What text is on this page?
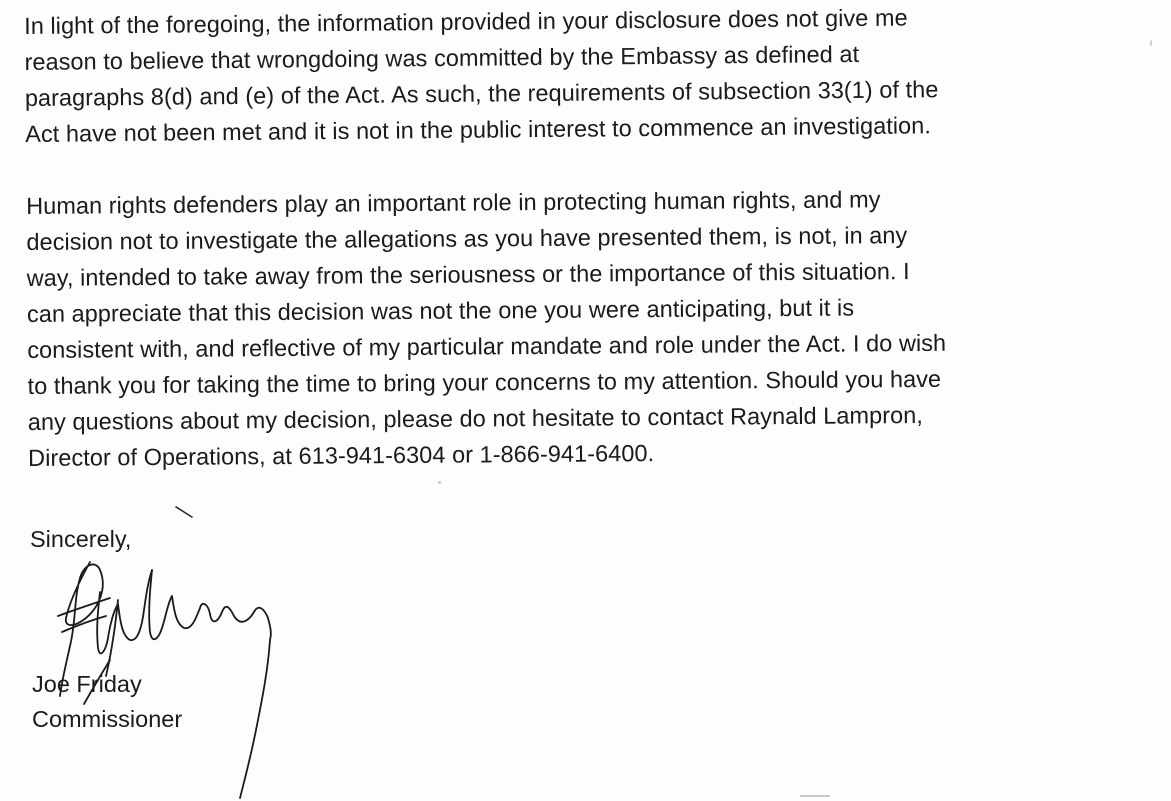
In light of the foregoing, the information provided in your disclosure does not give me
reason to believe that wrongdoing was committed by the Embassy as defined at
paragraphs 8(d) and (e) of the Act. As such, the requirements of subsection 33(1) of the
Act have not been met and it is not in the public interest to commence an investigation.

Human rights defenders play an important role in protecting human rights, and my
decision not to investigate the allegations as you have presented them, is not, in any
way, intended to take away from the seriousness or the importance of this situation. I
can appreciate that this decision was not the one you were anticipating, but it is
consistent with, and reflective of my particular mandate and role under the Act. I do wish
to thank you for taking the time to bring your concerns to my attention. Should you have
any questions about my decision, please do not hesitate to contact Raynald Lampron,
Director of Operations, at 613-941-6304 or 1-866-941-6400.

Sincerely,

Joe Friday

Commissioner
